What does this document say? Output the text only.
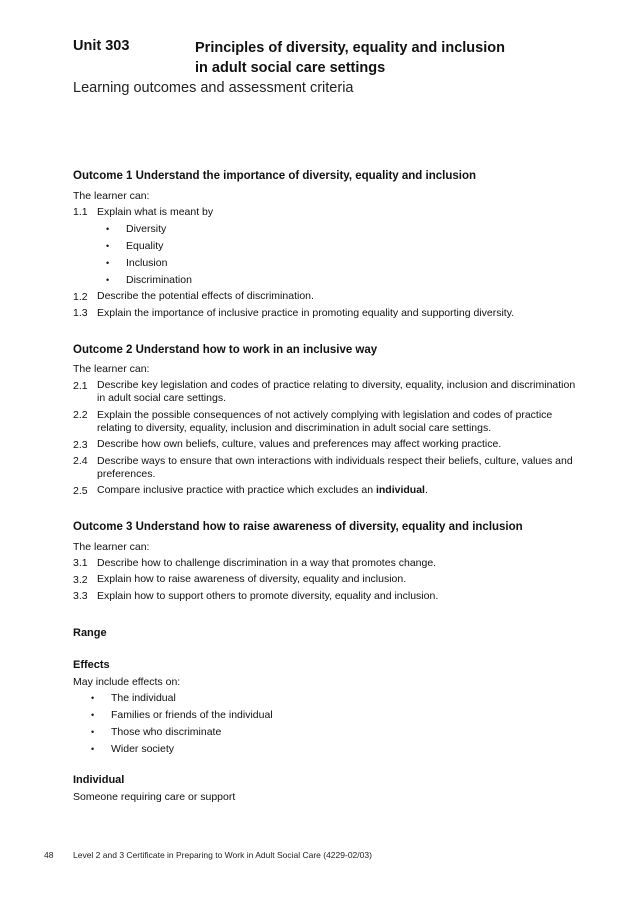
Unit 303	Principles of diversity, equality and inclusion
in adult social care settings
Learning outcomes and assessment criteria

Outcome 1 Understand the importance of diversity, equality and inclusion

The learner can:

1.1 Explain what is meant by
•	Diversity
•	Equality
•	Inclusion
•	Discrimination
1.2 Describe the potential effects of discrimination.
1.3 Explain the importance of inclusive practice in promoting equality and supporting diversity.

Outcome 2 Understand how to work in an inclusive way

The learner can:

2.1 Describe key legislation and codes of practice relating to diversity, equality, inclusion and discrimination in adult social care settings.
2.2 Explain the possible consequences of not actively complying with legislation and codes of practice relating to diversity, equality, inclusion and discrimination in adult social care settings.
2.3 Describe how own beliefs, culture, values and preferences may affect working practice.
2.4 Describe ways to ensure that own interactions with individuals respect their beliefs, culture, values and preferences.
2.5 Compare inclusive practice with practice which excludes an individual.

Outcome 3 Understand how to raise awareness of diversity, equality and inclusion

The learner can:

3.1 Describe how to challenge discrimination in a way that promotes change.
3.2 Explain how to raise awareness of diversity, equality and inclusion.
3.3 Explain how to support others to promote diversity, equality and inclusion.

Range

Effects

May include effects on:

•	The individual
•	Families or friends of the individual
•	Those who discriminate
•	Wider society

Individual

Someone requiring care or support

48 Level 2 and 3 Certificate in Preparing to Work in Adult Social Care (4229-02/03)
